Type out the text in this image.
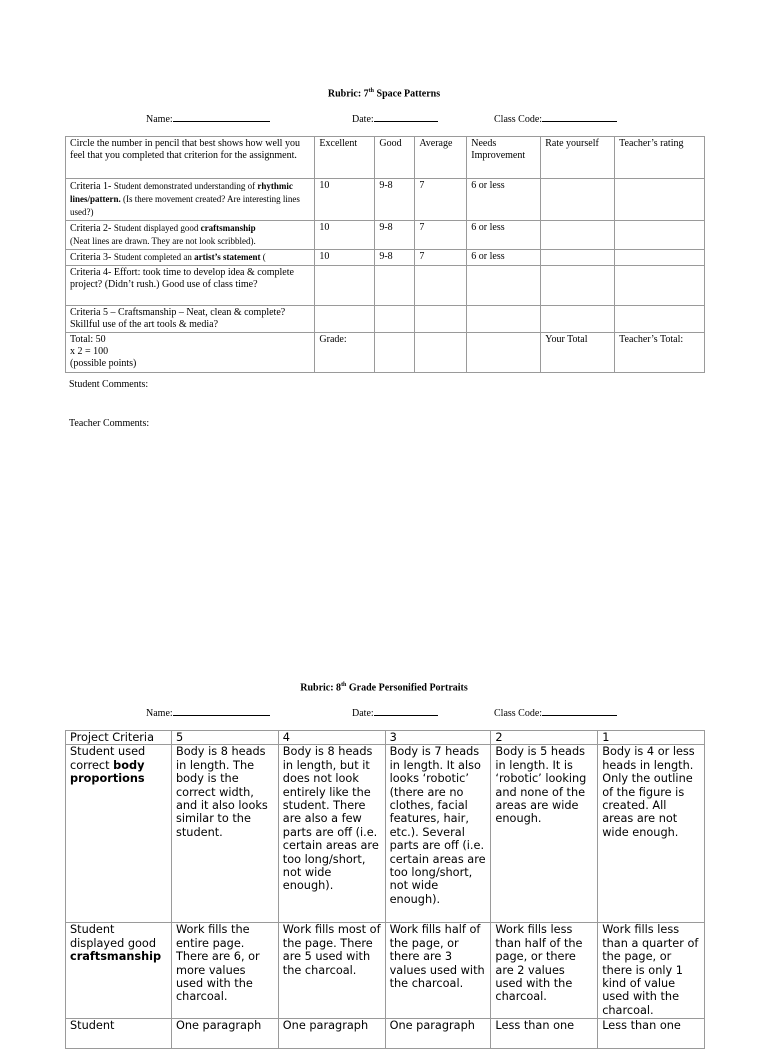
Rubric: 7th Space Patterns
Name:	Date:	Class Code:
Circle the number in pencil that best shows how well you feel that you completed that criterion for the assignment.	Excellent	Good	Average	Needs Improvement	Rate yourself	Teacher’s rating
Criteria 1- Student demonstrated understanding of rhythmic lines/pattern. (Is there movement created? Are interesting lines used?)	10	9-8	7	6 or less		
Criteria 2- Student displayed good craftsmanship
(Neat lines are drawn. They are not look scribbled).	10	9-8	7	6 or less		
Criteria 3- Student completed an artist’s statement (	10	9-8	7	6 or less		
Criteria 4- Effort: took time to develop idea & complete project? (Didn’t rush.) Good use of class time?						
Criteria 5 – Craftsmanship – Neat, clean & complete? Skillful use of the art tools & media?						
Total: 50
x 2 = 100
(possible points)	Grade:				Your Total	Teacher’s Total:
Student Comments:
Teacher Comments:
Rubric: 8th Grade Personified Portraits
Name:	Date:	Class Code:
Project Criteria	5	4	3	2	1
Student used correct body proportions	Body is 8 heads in length. The body is the correct width, and it also looks similar to the student.	Body is 8 heads in length, but it does not look entirely like the student. There are also a few parts are off (i.e. certain areas are too long/short, not wide enough).	Body is 7 heads in length. It also looks ‘robotic’ (there are no clothes, facial features, hair, etc.). Several parts are off (i.e. certain areas are too long/short, not wide enough).	Body is 5 heads in length. It is ‘robotic’ looking and none of the areas are wide enough.	Body is 4 or less heads in length. Only the outline of the figure is created. All areas are not wide enough.
Student displayed good craftsmanship	Work fills the entire page. There are 6, or more values used with the charcoal.	Work fills most of the page. There are 5 used with the charcoal.	Work fills half of the page, or there are 3 values used with the charcoal.	Work fills less than half of the page, or there are 2 values used with the charcoal.	Work fills less than a quarter of the page, or there is only 1 kind of value used with the charcoal.
Student	One paragraph	One paragraph	One paragraph	Less than one	Less than one
